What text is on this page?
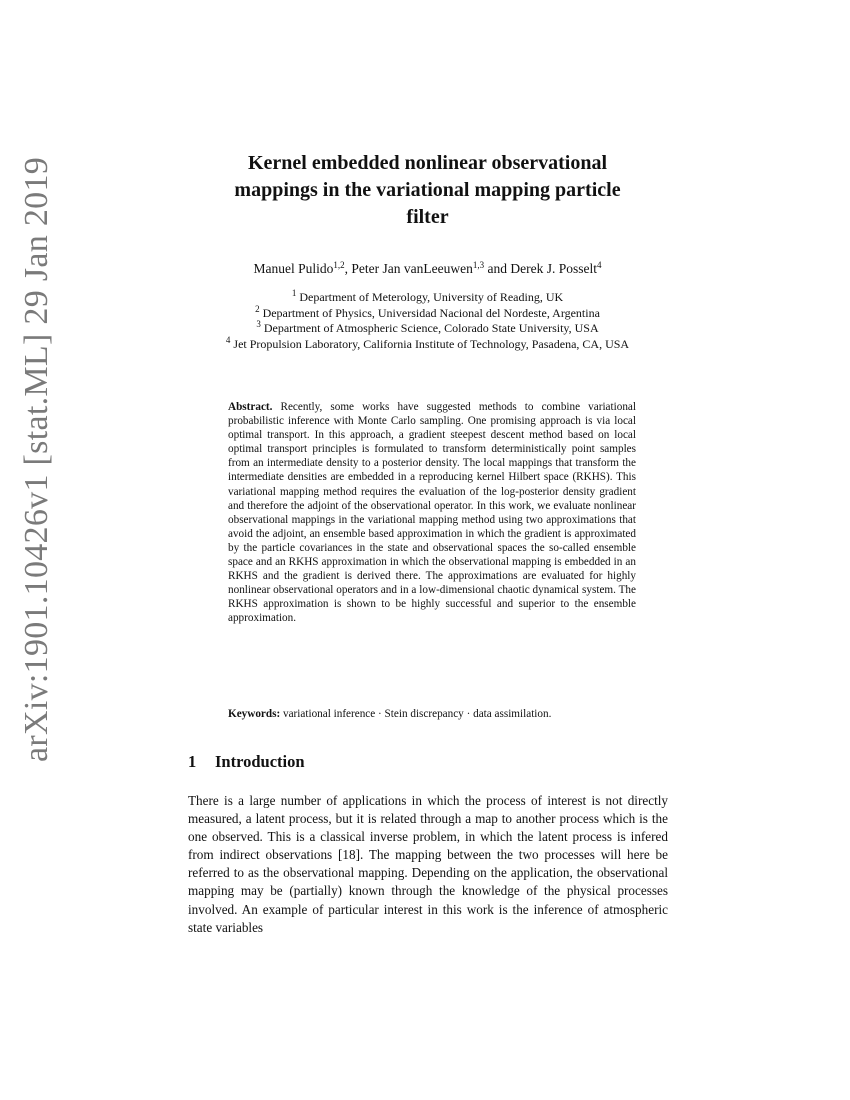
arXiv:1901.10426v1 [stat.ML] 29 Jan 2019	Kernel embedded nonlinear observational
mappings in the variational mapping particle
filter
Manuel Pulido$^{1,2}$, Peter Jan vanLeeuwen$^{1,3}$ and Derek J. Posselt$^4$
$^1$ Department of Meterology, University of Reading, UK
$^2$ Department of Physics, Universidad Nacional del Nordeste, Argentina
$^3$ Department of Atmospheric Science, Colorado State University, USA
$^4$ Jet Propulsion Laboratory, California Institute of Technology, Pasadena, CA, USA
Abstract. Recently, some works have suggested methods to combine variational probabilistic inference with Monte Carlo sampling. One promising approach is via local optimal transport. In this approach, a gradient steepest descent method based on local optimal transport principles is formulated to transform deterministically point samples from an intermediate density to a posterior density. The local mappings that transform the intermediate densities are embedded in a reproducing kernel Hilbert space (RKHS). This variational mapping method requires the evaluation of the log-posterior density gradient and therefore the adjoint of the observational operator. In this work, we evaluate nonlinear observational mappings in the variational mapping method using two approximations that avoid the adjoint, an ensemble based approximation in which the gradient is approximated by the particle covariances in the state and observational spaces the so-called ensemble space and an RKHS approximation in which the observational mapping is embedded in an RKHS and the gradient is derived there. The approximations are evaluated for highly nonlinear observational operators and in a low-dimensional chaotic dynamical system. The RKHS approximation is shown to be highly successful and superior to the ensemble approximation.
Keywords: variational inference · Stein discrepancy · data assimilation.
1 Introduction
There is a large number of applications in which the process of interest is not directly measured, a latent process, but it is related through a map to another process which is the one observed. This is a classical inverse problem, in which the latent process is infered from indirect observations [18]. The mapping between the two processes will here be referred to as the observational mapping. Depending on the application, the observational mapping may be (partially) known through the knowledge of the physical processes involved. An example of particular interest in this work is the inference of atmospheric state variables
